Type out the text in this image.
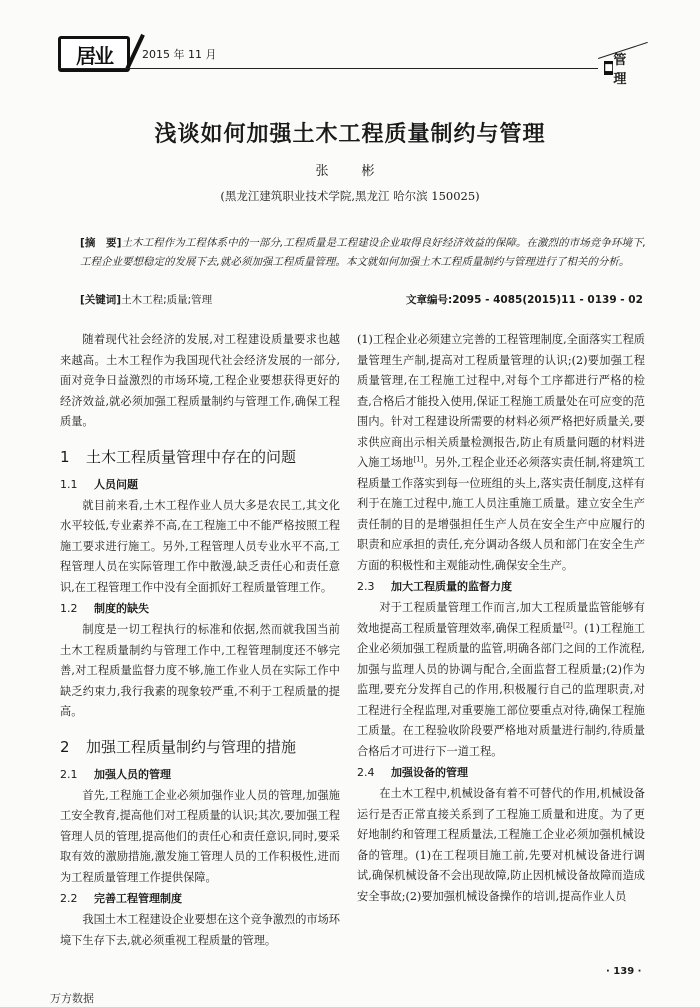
居业	2015 年 11 月
■ 管理
浅谈如何加强土木工程质量制约与管理
张　彬
(黑龙江建筑职业技术学院,黑龙江 哈尔滨 150025)
[摘　要]土木工程作为工程体系中的一部分,工程质量是工程建设企业取得良好经济效益的保障。在激烈的市场竞争环境下,工程企业要想稳定的发展下去,就必须加强工程质量管理。本文就如何加强土木工程质量制约与管理进行了相关的分析。
[关键词]土木工程;质量;管理	文章编号:2095 - 4085(2015)11 - 0139 - 02

随着现代社会经济的发展,对工程建设质量要求也越来越高。土木工程作为我国现代社会经济发展的一部分,面对竞争日益激烈的市场环境,工程企业要想获得更好的经济效益,就必须加强工程质量制约与管理工作,确保工程质量。

1 土木工程质量管理中存在的问题
1.1 人员问题

就目前来看,土木工程作业人员大多是农民工,其文化水平较低,专业素养不高,在工程施工中不能严格按照工程施工要求进行施工。另外,工程管理人员专业水平不高,工程管理人员在实际管理工作中散漫,缺乏责任心和责任意识,在工程管理工作中没有全面抓好工程质量管理工作。

1.2 制度的缺失

制度是一切工程执行的标准和依据,然而就我国当前土木工程质量制约与管理工作中,工程管理制度还不够完善,对工程质量监督力度不够,施工作业人员在实际工作中缺乏约束力,我行我素的现象较严重,不利于工程质量的提高。

2 加强工程质量制约与管理的措施
2.1 加强人员的管理

首先,工程施工企业必须加强作业人员的管理,加强施工安全教育,提高他们对工程质量的认识;其次,要加强工程管理人员的管理,提高他们的责任心和责任意识,同时,要采取有效的激励措施,激发施工管理人员的工作积极性,进而为工程质量管理工作提供保障。

2.2 完善工程管理制度

我国土木工程建设企业要想在这个竞争激烈的市场环境下生存下去,就必须重视工程质量的管理。

(1)工程企业必须建立完善的工程管理制度,全面落实工程质量管理生产制,提高对工程质量管理的认识;(2)要加强工程质量管理,在工程施工过程中,对每个工序都进行严格的检查,合格后才能投入使用,保证工程施工质量处在可应变的范围内。针对工程建设所需要的材料必须严格把好质量关,要求供应商出示相关质量检测报告,防止有质量问题的材料进入施工场地[1]。另外,工程企业还必须落实责任制,将建筑工程质量工作落实到每一位班组的头上,落实责任制度,这样有利于在施工过程中,施工人员注重施工质量。建立安全生产责任制的目的是增强担任生产人员在安全生产中应履行的职责和应承担的责任,充分调动各级人员和部门在安全生产方面的积极性和主观能动性,确保安全生产。

2.3 加大工程质量的监督力度

对于工程质量管理工作而言,加大工程质量监管能够有效地提高工程质量管理效率,确保工程质量[2]。(1)工程施工企业必须加强工程质量的监管,明确各部门之间的工作流程,加强与监理人员的协调与配合,全面监督工程质量;(2)作为监理,要充分发挥自己的作用,积极履行自己的监理职责,对工程进行全程监理,对重要施工部位要重点对待,确保工程施工质量。在工程验收阶段要严格地对质量进行制约,待质量合格后才可进行下一道工程。

2.4 加强设备的管理

在土木工程中,机械设备有着不可替代的作用,机械设备运行是否正常直接关系到了工程施工质量和进度。为了更好地制约和管理工程质量法,工程施工企业必须加强机械设备的管理。(1)在工程项目施工前,先要对机械设备进行调试,确保机械设备不会出现故障,防止因机械设备故障而造成安全事故;(2)要加强机械设备操作的培训,提高作业人员

· 139 ·
万方数据
